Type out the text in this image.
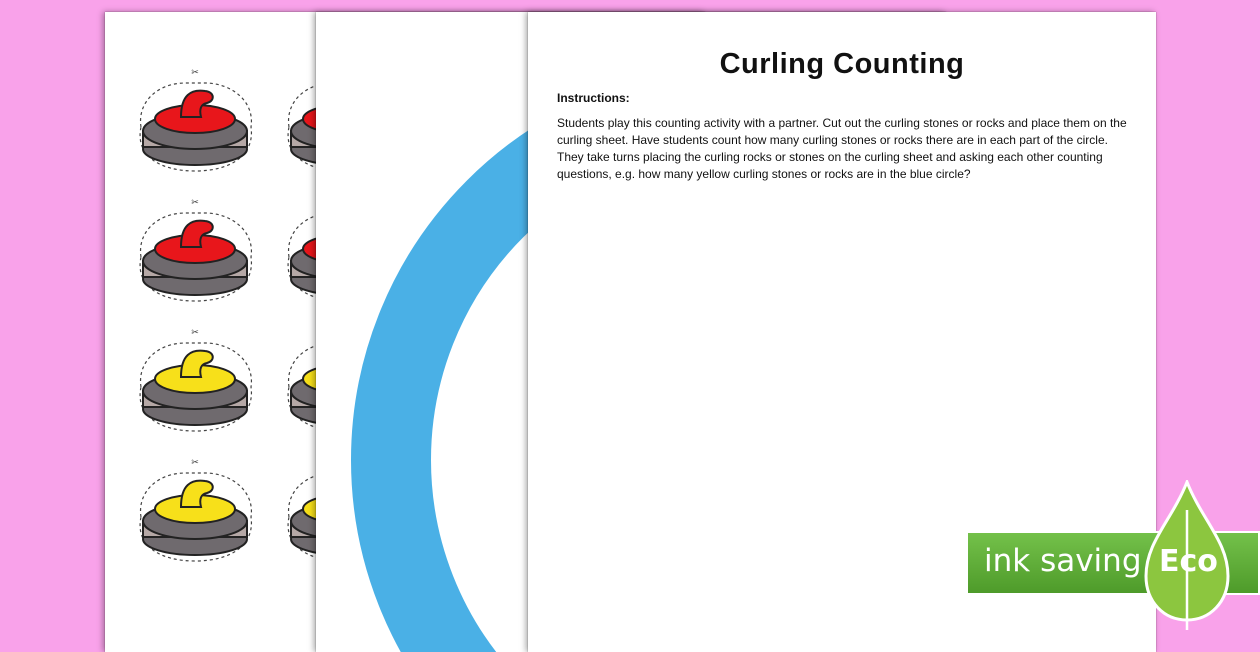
✂
✂
✂
✂
Curling Counting
Instructions:

Students play this counting activity with a partner. Cut out the curling stones or rocks and place them on the curling sheet. Have students count how many curling stones or rocks there are in each part of the circle. They take turns placing the curling rocks or stones on the curling sheet and asking each other counting questions, e.g. how many yellow curling stones or rocks are in the blue circle?

ink saving Eco
